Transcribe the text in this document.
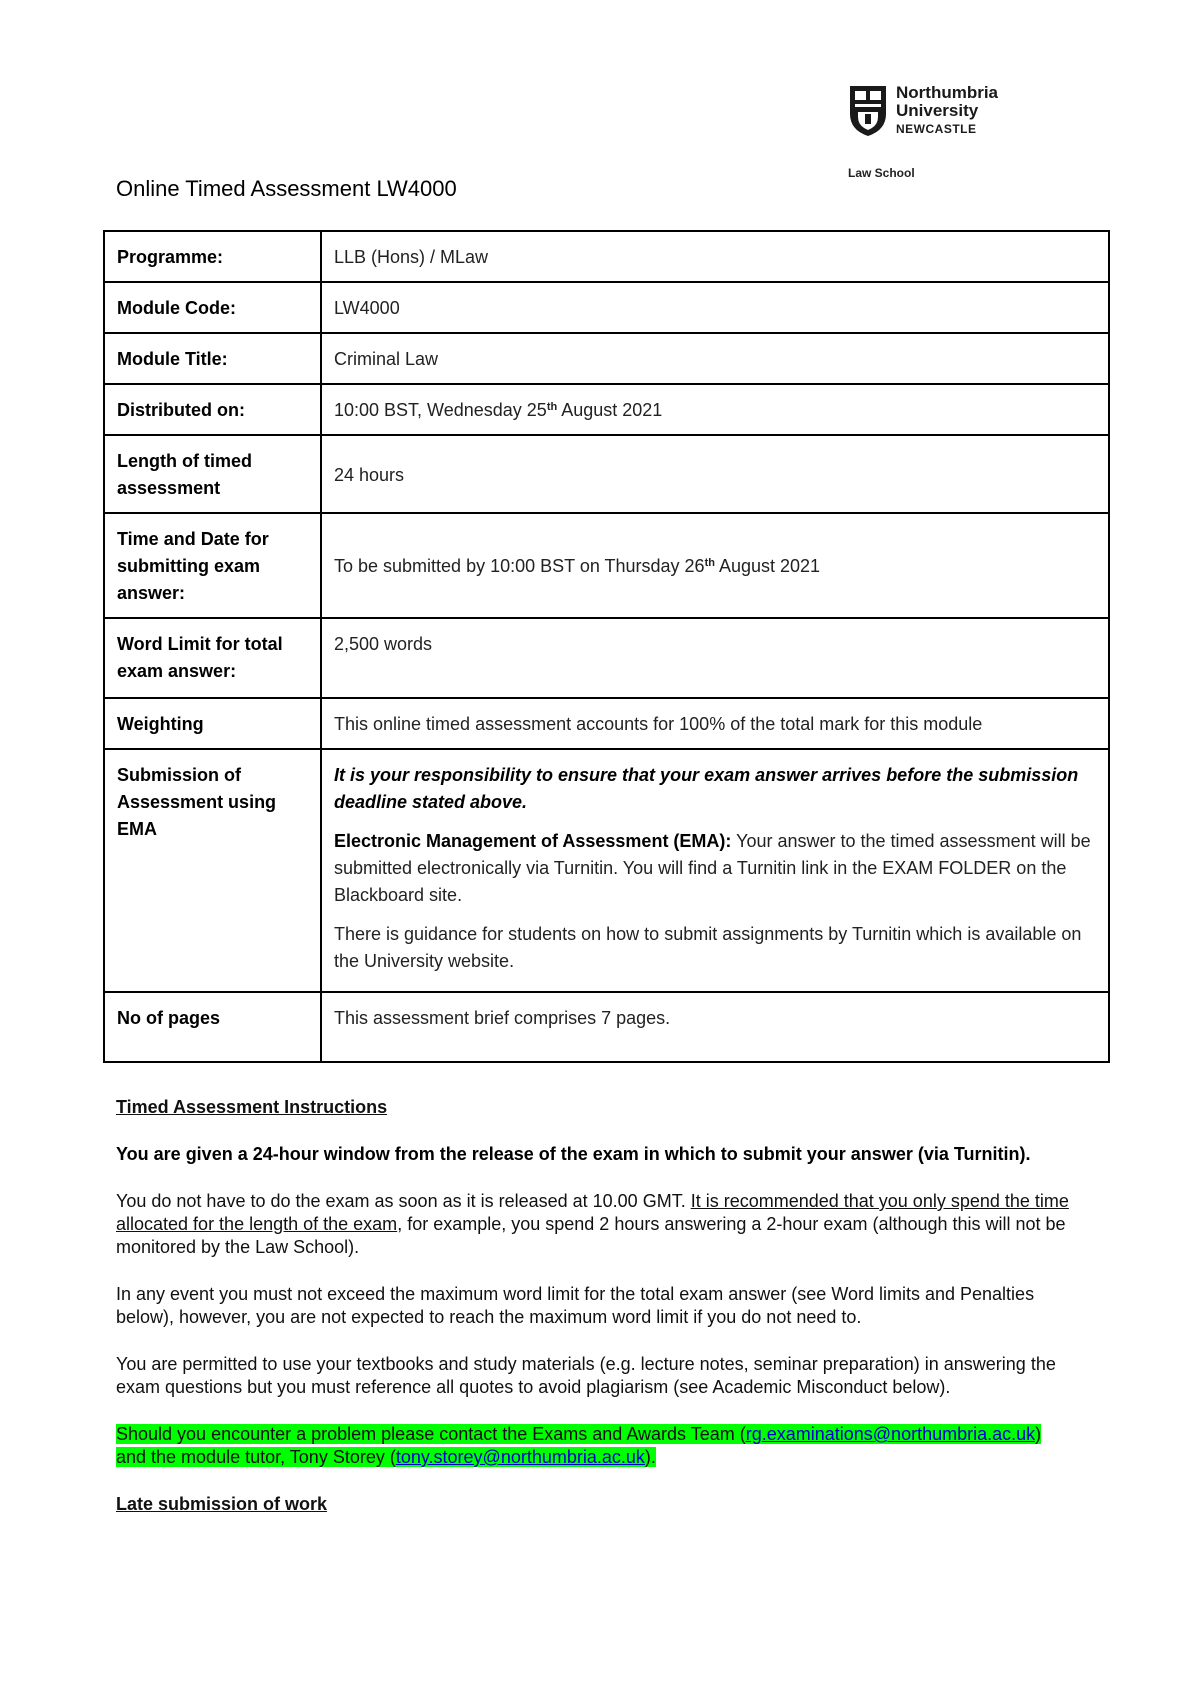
Northumbria
University
NEWCASTLE
Law School
Online Timed Assessment LW4000
Programme:	LLB (Hons) / MLaw
Module Code:	LW4000
Module Title:	Criminal Law
Distributed on:	10:00 BST, Wednesday 25th August 2021
Length of timed assessment	24 hours
Time and Date for submitting exam answer:	To be submitted by 10:00 BST on Thursday 26th August 2021
Word Limit for total exam answer:	2,500 words
Weighting	This online timed assessment accounts for 100% of the total mark for this module
Submission of Assessment using EMA	It is your responsibility to ensure that your exam answer arrives before the submission deadline stated above.
Electronic Management of Assessment (EMA): Your answer to the timed assessment will be submitted electronically via Turnitin. You will find a Turnitin link in the EXAM FOLDER on the Blackboard site.
There is guidance for students on how to submit assignments by Turnitin which is available on the University website.

No of pages	This assessment brief comprises 7 pages.

Timed Assessment Instructions

You are given a 24-hour window from the release of the exam in which to submit your answer (via Turnitin).

You do not have to do the exam as soon as it is released at 10.00 GMT. It is recommended that you only spend the time allocated for the length of the exam, for example, you spend 2 hours answering a 2-hour exam (although this will not be monitored by the Law School).

In any event you must not exceed the maximum word limit for the total exam answer (see Word limits and Penalties below), however, you are not expected to reach the maximum word limit if you do not need to.

You are permitted to use your textbooks and study materials (e.g. lecture notes, seminar preparation) in answering the exam questions but you must reference all quotes to avoid plagiarism (see Academic Misconduct below).

Should you encounter a problem please contact the Exams and Awards Team (rg.examinations@northumbria.ac.uk) and the module tutor, Tony Storey (tony.storey@northumbria.ac.uk).

Late submission of work
